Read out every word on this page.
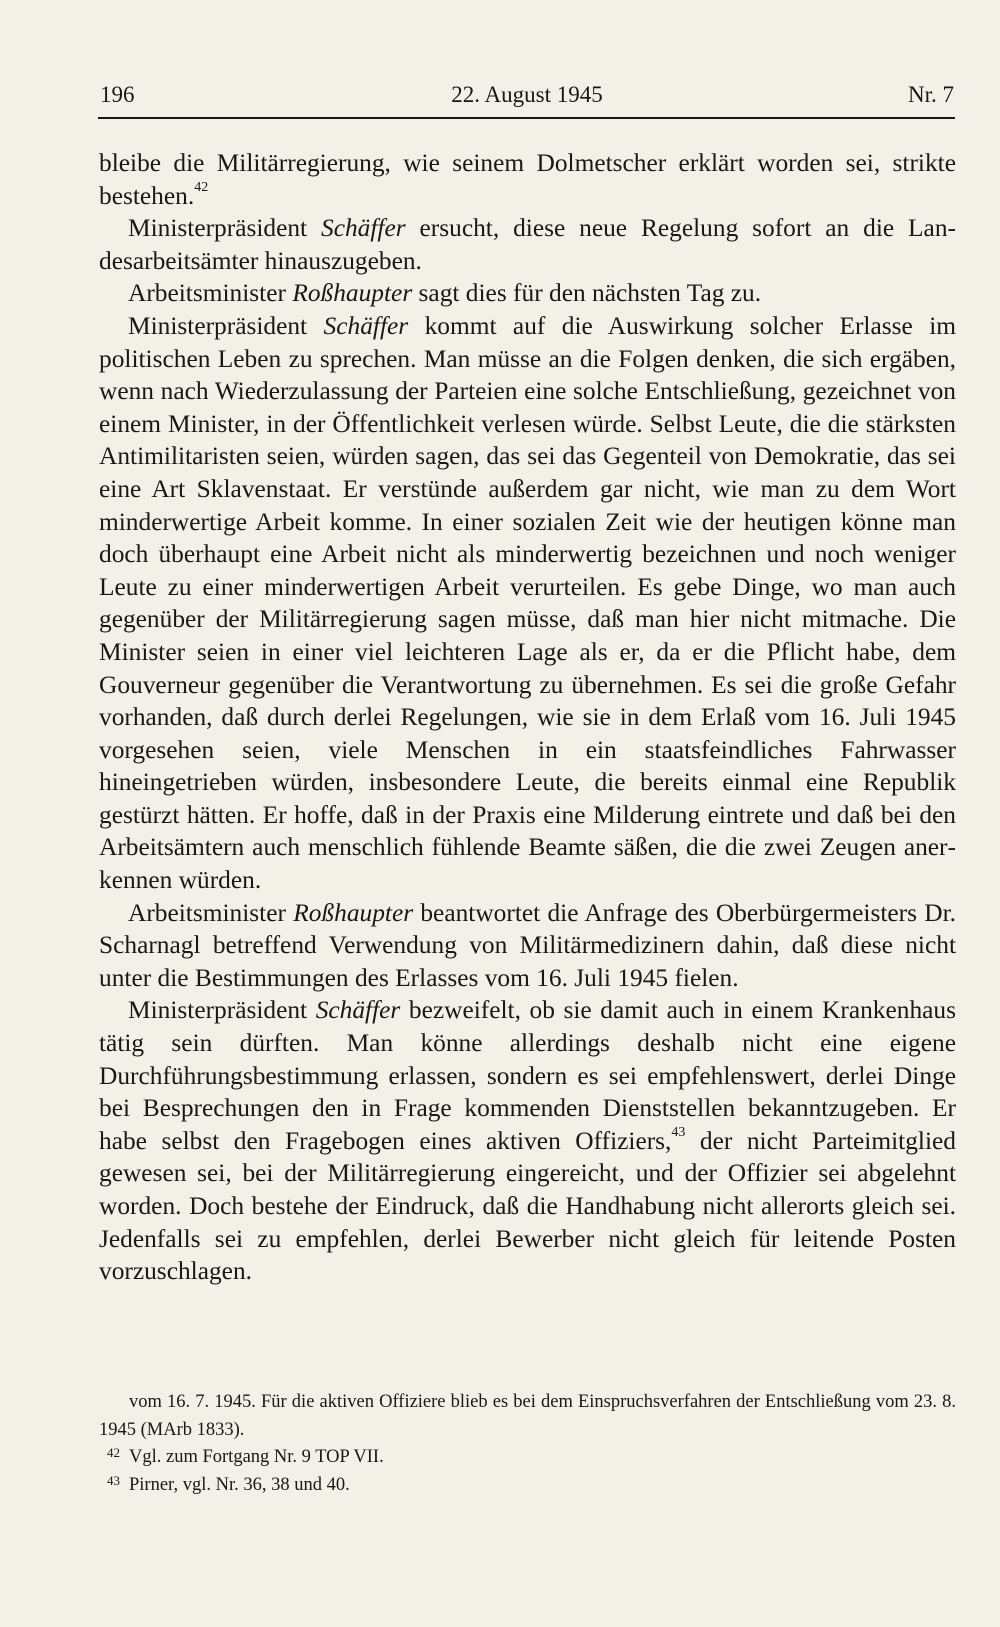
196	22. August 1945	Nr. 7

bleibe die Militärregierung, wie seinem Dolmetscher erklärt worden sei, strikte bestehen.$^{42}$

Ministerpräsident Schäffer ersucht, diese neue Regelung sofort an die Landesarbeitsämter hinauszugeben.

Arbeitsminister Roßhaupter sagt dies für den nächsten Tag zu.

Ministerpräsident Schäffer kommt auf die Auswirkung solcher Erlasse im politischen Leben zu sprechen. Man müsse an die Folgen denken, die sich ergäben, wenn nach Wiederzulassung der Parteien eine solche Entschließung, gezeichnet von einem Minister, in der Öffentlichkeit verlesen würde. Selbst Leute, die die stärksten Antimilitaristen seien, würden sagen, das sei das Gegenteil von Demokratie, das sei eine Art Sklavenstaat. Er verstünde außerdem gar nicht, wie man zu dem Wort minderwertige Arbeit komme. In einer sozialen Zeit wie der heutigen könne man doch überhaupt eine Arbeit nicht als minderwertig bezeichnen und noch weniger Leute zu einer minderwertigen Arbeit verurteilen. Es gebe Dinge, wo man auch gegenüber der Militärregierung sagen müsse, daß man hier nicht mitmache. Die Minister seien in einer viel leichteren Lage als er, da er die Pflicht habe, dem Gouverneur gegenüber die Verantwortung zu übernehmen. Es sei die große Gefahr vorhanden, daß durch derlei Regelungen, wie sie in dem Erlaß vom 16. Juli 1945 vorgesehen seien, viele Menschen in ein staatsfeindliches Fahrwasser hineingetrieben würden, insbesondere Leute, die bereits einmal eine Republik gestürzt hätten. Er hoffe, daß in der Praxis eine Milderung eintrete und daß bei den Arbeitsämtern auch menschlich fühlende Beamte säßen, die die zwei Zeugen anerkennen würden.

Arbeitsminister Roßhaupter beantwortet die Anfrage des Oberbürgermeisters Dr. Scharnagl betreffend Verwendung von Militärmedizinern dahin, daß diese nicht unter die Bestimmungen des Erlasses vom 16. Juli 1945 fielen.

Ministerpräsident Schäffer bezweifelt, ob sie damit auch in einem Krankenhaus tätig sein dürften. Man könne allerdings deshalb nicht eine eigene Durchführungsbestimmung erlassen, sondern es sei empfehlenswert, derlei Dinge bei Besprechungen den in Frage kommenden Dienststellen bekanntzugeben. Er habe selbst den Fragebogen eines aktiven Offiziers,$^{43}$ der nicht Parteimitglied gewesen sei, bei der Militärregierung eingereicht, und der Offizier sei abgelehnt worden. Doch bestehe der Eindruck, daß die Handhabung nicht allerorts gleich sei. Jedenfalls sei zu empfehlen, derlei Bewerber nicht gleich für leitende Posten vorzuschlagen.

vom 16. 7. 1945. Für die aktiven Offiziere blieb es bei dem Einspruchsverfahren der Entschließung vom 23. 8. 1945 (MArb 1833).

42 Vgl. zum Fortgang Nr. 9 TOP VII.

43 Pirner, vgl. Nr. 36, 38 und 40.
